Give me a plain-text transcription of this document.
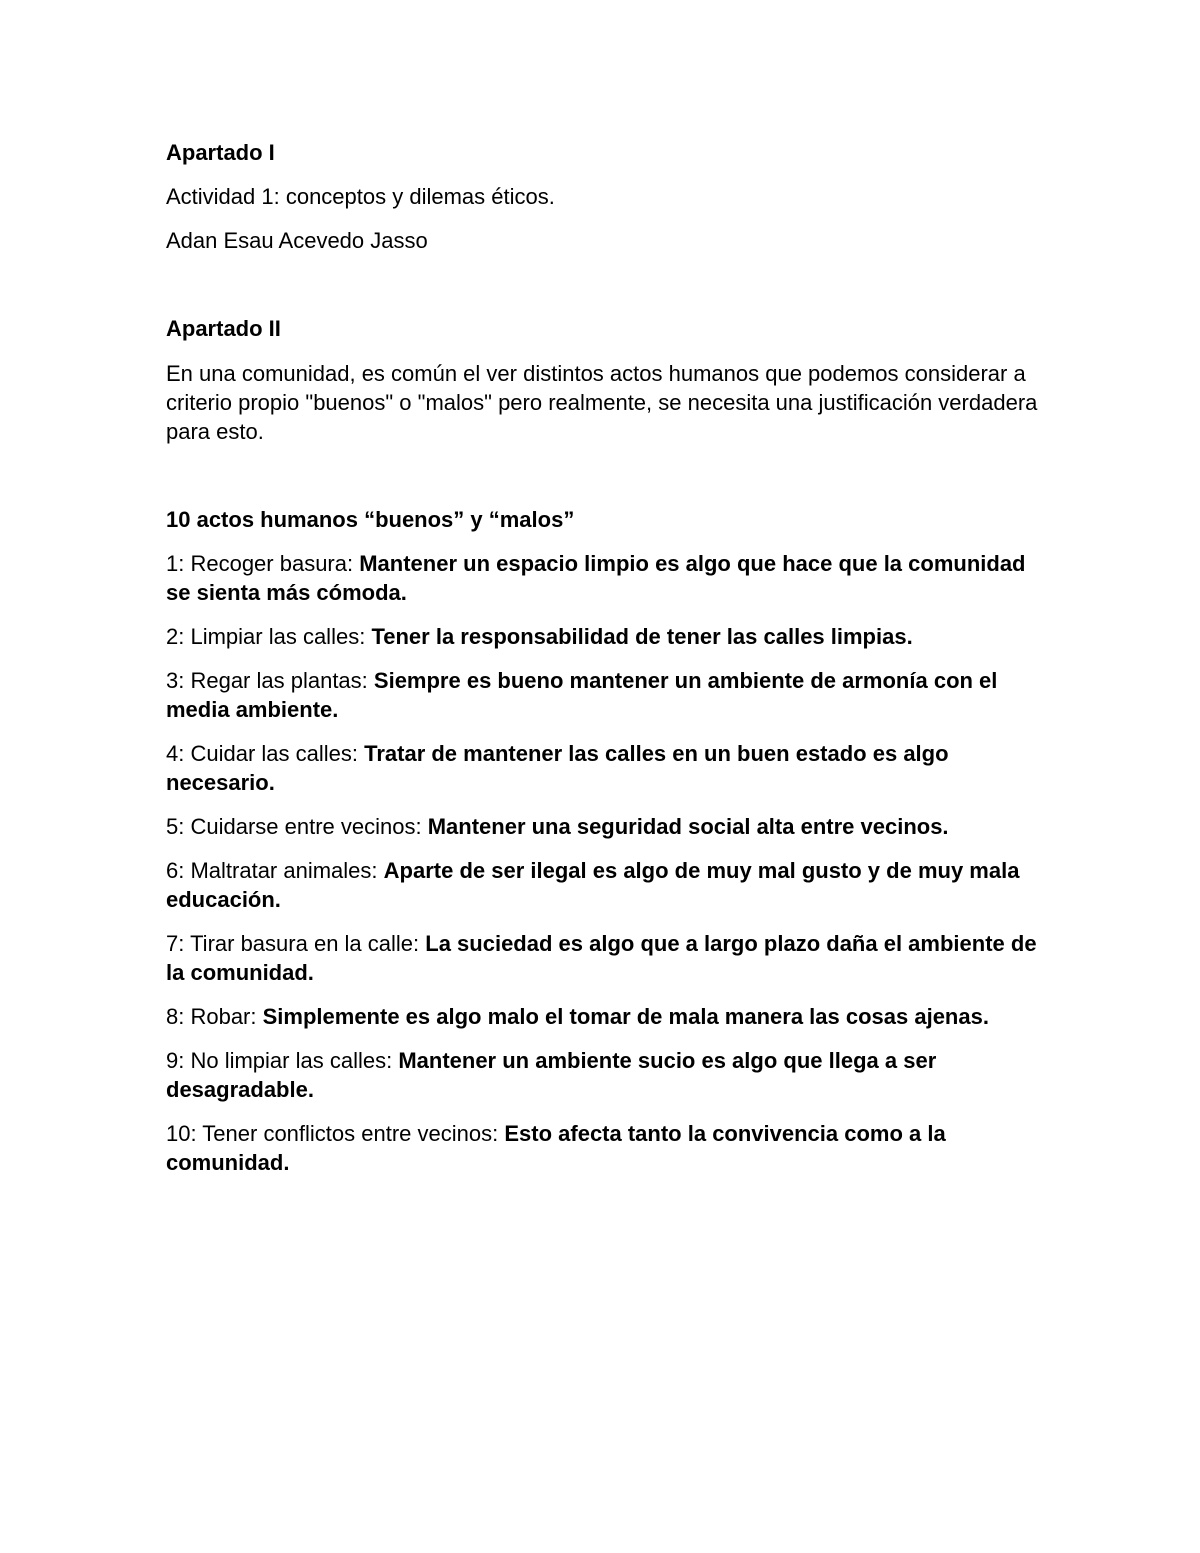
Apartado I

Actividad 1: conceptos y dilemas éticos.

Adan Esau Acevedo Jasso

Apartado II

En una comunidad, es común el ver distintos actos humanos que podemos considerar a criterio propio "buenos" o "malos" pero realmente, se necesita una justificación verdadera para esto.

10 actos humanos “buenos” y “malos”

1: Recoger basura: Mantener un espacio limpio es algo que hace que la comunidad se sienta más cómoda.

2: Limpiar las calles: Tener la responsabilidad de tener las calles limpias.

3: Regar las plantas: Siempre es bueno mantener un ambiente de armonía con el media ambiente.

4: Cuidar las calles: Tratar de mantener las calles en un buen estado es algo necesario.

5: Cuidarse entre vecinos: Mantener una seguridad social alta entre vecinos.

6: Maltratar animales: Aparte de ser ilegal es algo de muy mal gusto y de muy mala educación.

7: Tirar basura en la calle: La suciedad es algo que a largo plazo daña el ambiente de la comunidad.

8: Robar: Simplemente es algo malo el tomar de mala manera las cosas ajenas.

9: No limpiar las calles: Mantener un ambiente sucio es algo que llega a ser desagradable.

10: Tener conflictos entre vecinos: Esto afecta tanto la convivencia como a la comunidad.
